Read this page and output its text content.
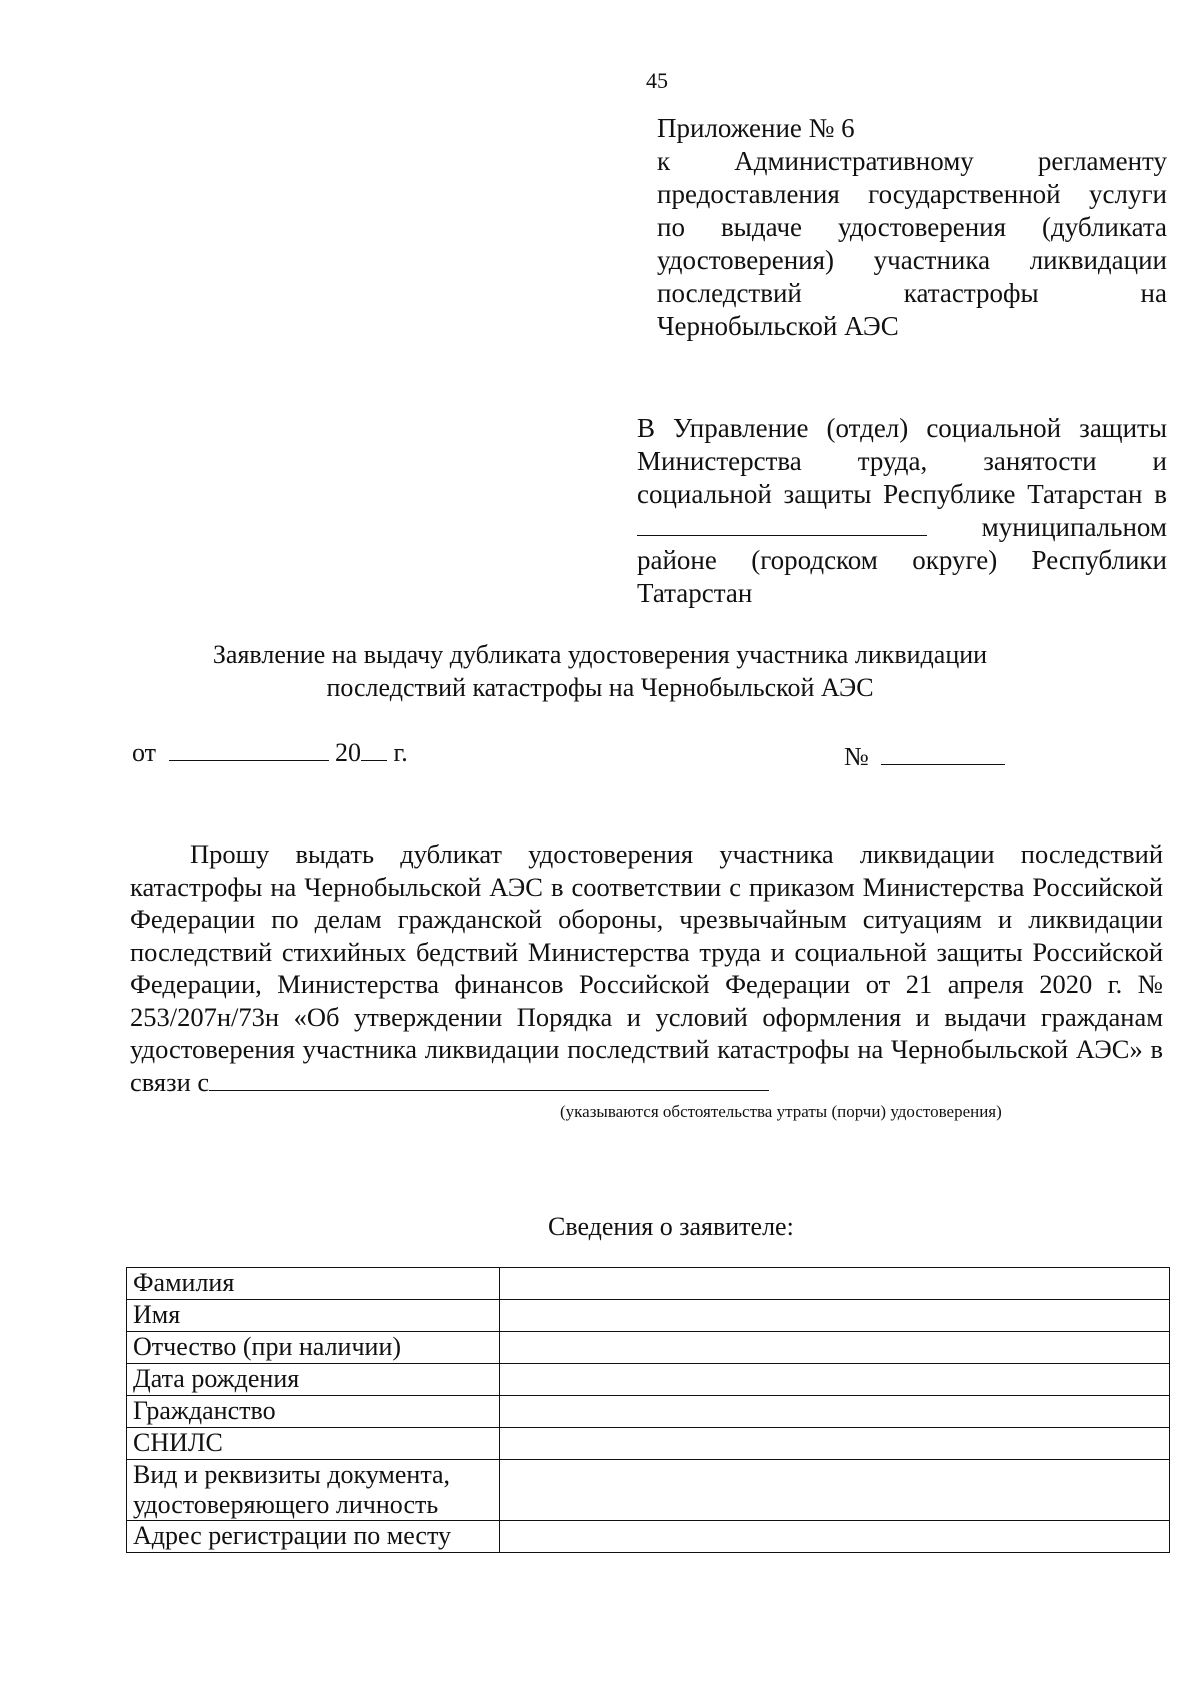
45
Приложение № 6
к Административному регламенту
предоставления государственной услуги
по выдаче удостоверения (дубликата
удостоверения) участника ликвидации
последствий катастрофы на
Чернобыльской АЭС
В Управление (отдел) социальной защиты
Министерства труда, занятости и
социальной защиты Республике Татарстан в
муниципальном
районе (городском округе) Республики
Татарстан
Заявление на выдачу дубликата удостоверения участника ликвидации
последствий катастрофы на Чернобыльской АЭС
от	20 г.	№

Прошу выдать дубликат удостоверения участника ликвидации последствий катастрофы на Чернобыльской АЭС в соответствии с приказом Министерства Российской Федерации по делам гражданской обороны, чрезвычайным ситуациям и ликвидации последствий стихийных бедствий Министерства труда и социальной защиты Российской Федерации, Министерства финансов Российской Федерации от 21 апреля 2020 г. № 253/207н/73н «Об утверждении Порядка и условий оформления и выдачи гражданам удостоверения участника ликвидации последствий катастрофы на Чернобыльской АЭС» в связи с

(указываются обстоятельства утраты (порчи) удостоверения)
Сведения о заявителе:
Фамилия	
Имя	
Отчество (при наличии)	
Дата рождения	
Гражданство	
СНИЛС	
Вид и реквизиты документа, удостоверяющего личность	
Адрес регистрации по месту	
